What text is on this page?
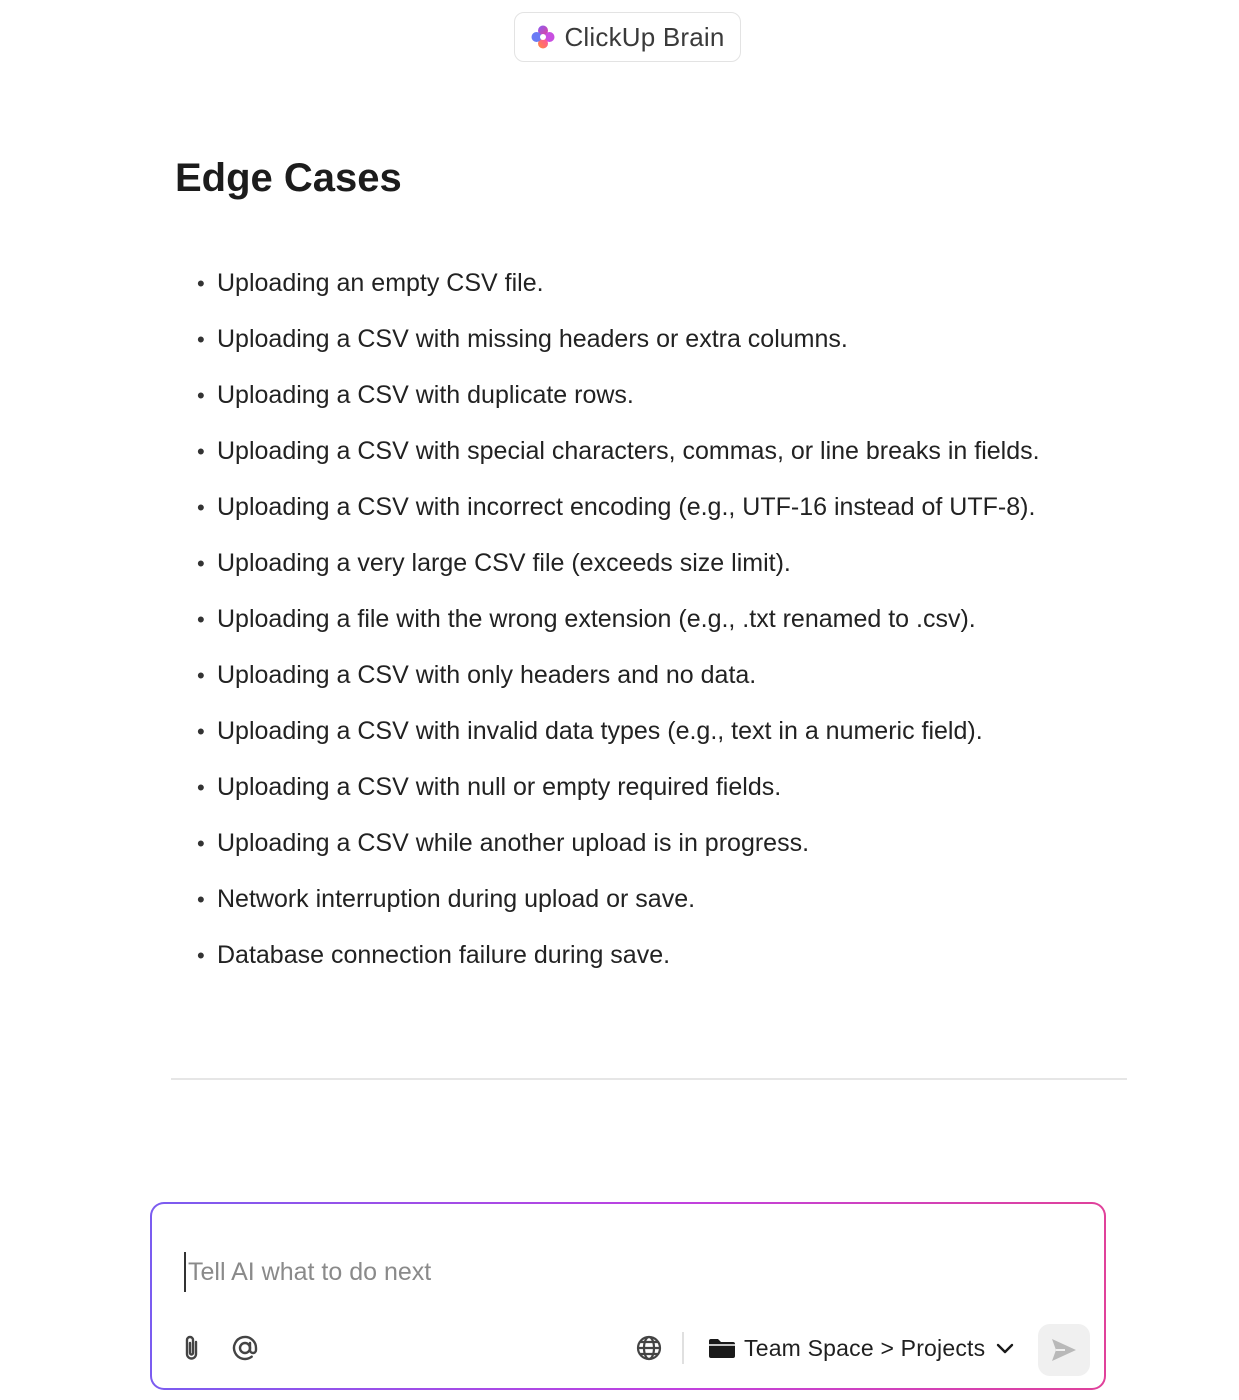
ClickUp Brain
Edge Cases
• Uploading an empty CSV file.
• Uploading a CSV with missing headers or extra columns.
• Uploading a CSV with duplicate rows.
• Uploading a CSV with special characters, commas, or line breaks in fields.
• Uploading a CSV with incorrect encoding (e.g., UTF-16 instead of UTF-8).
• Uploading a very large CSV file (exceeds size limit).
• Uploading a file with the wrong extension (e.g., .txt renamed to .csv).
• Uploading a CSV with only headers and no data.
• Uploading a CSV with invalid data types (e.g., text in a numeric field).
• Uploading a CSV with null or empty required fields.
• Uploading a CSV while another upload is in progress.
• Network interruption during upload or save.
• Database connection failure during save.
Tell AI what to do next
Team Space > Projects
